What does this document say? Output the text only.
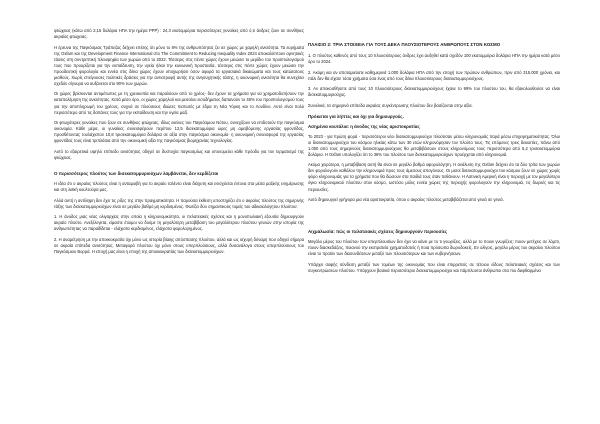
φτώχειας (κάτω από 2,15 δολάρια ΗΠΑ την ημέρα PPP) : 24,3 εκατομμύρια περισσότερες γυναίκες από ό,τι άνδρες ζουν σε συνθήκες ακραίας φτώχειας.

Η έρευνα της Παγκόσμιας Τράπεζας δείχνει επίσης ότι μόνο το 8% της ανθρωπότητας ζει σε χώρες με χαμηλή ανισότητα. Τα ευρήματα της Oxfam και της Development Finance International στο The Commitment to Reducing Inequality Index 2024 αποκαλύπτουν αρνητικές τάσεις στη συντριπτική πλειοψηφία των χωρών από το 2022. Τέσσερις στις πέντε χώρες έχουν μειώσει το μερίδιο του προϋπολογισμού τους που προορίζεται για την εκπαίδευση, την υγεία ή/και την κοινωνική προστασία, τέσσερις στις πέντε χώρες έχουν μειώσει την προοδευτική φορολογία και εννέα στις δέκα χώρες έχουν υποχωρήσει όσον αφορά τα εργασιακά δικαιώματα και τους κατώτατους μισθούς. Χωρίς επείγουσες πολιτικές δράσεις για την αντιστροφή αυτής της ανησυχητικής τάσης, η οικονομική ανισότητα θα συνεχίσει σχεδόν σίγουρα να αυξάνεται στο 90% των χωρών.

Οι χώρες βρίσκονται αντιμέτωπες με τη χρεοκοπία και παραλύουν από το χρέος- δεν έχουν τα χρήματα για να χρηματοδοτήσουν την καταπολέμηση της ανισότητας. Κατά μέσο όρο, οι χώρες χαμηλού και μεσαίου εισοδήματος δαπανούν το 48% του προϋπολογισμού τους για την αποπληρωμή του χρέους, συχνά σε πλούσιους ιδιώτες πιστωτές με έδρα τη Νέα Υόρκη και το Λονδίνο. Αυτό είναι πολύ περισσότερο από τις δαπάνες τους για την εκπαίδευση και την υγεία μαζί.

Οι φτωχότερες γυναίκες που ζουν σε συνθήκες φτώχειας, ιδίως εκείνες του Παγκόσμιου Νότου, συνεχίζουν να επιδοτούν την παγκόσμια οικονομία. Κάθε μέρα, οι γυναίκες συνεισφέρουν περίπου 12,5 δισεκατομμύρια ώρες μη αμειβόμενης εργασίας φροντίδας, προσθέτοντας τουλάχιστον 10,8 τρισεκατομμύρια δολάρια σε αξία στην παγκόσμια οικονομία- η οικονομική συνεισφορά της εργασίας φροντίδας τους είναι τριπλάσια από την οικονομική αξία της παγκόσμιας βιομηχανίας τεχνολογίας.

Αυτό το εξαιρετικά υψηλό επίπεδο ανισότητας οδηγεί σε δυστυχία παγκοσμίως και υπονομεύει κάθε πρόοδο για τον τερματισμό της φτώχειας.

Ο περισσότερος πλούτος των δισεκατομμυριούχων λαμβάνεται, δεν κερδίζεται

Η ιδέα ότι ο ακραίος πλούτος είναι η ανταμοιβή για το ακραίο ταλέντο είναι διάχυτη και ενισχύεται έντονα στα μέσα μαζικής ενημέρωσης και στη λαϊκή κουλτούρα μας.

Αλλά αυτή η αντίληψη δεν έχει τις ρίζες της στην πραγματικότητα. Η παρούσα έκθεση υποστηρίζει ότι ο ακραίος πλούτος της σημερινής τάξης των δισεκατομμυριούχων είναι σε μεγάλο βαθμό μη κερδισμένος. Φωτίζει δύο σημαντικούς τομείς του αδικαιολόγητου πλούτου:

1. Η άνοδος μιας νέας ολιγαρχίας στην οποία η κληρονομικότητα, οι πελατειακές σχέσεις και η μονοπωλιακή εξουσία δημιουργούν ακραίο πλούτο. Ανεξέλεγκτα, είμαστε έτοιμοι να δούμε τη μεγαλύτερη μεταβίβαση του μεγαλύτερου πλούτου γενεών στην ιστορία της ανθρωπότητας να παραδίδεται - ελάχιστα κερδισμένος, ελάχιστα φορολογημένος.

2. Η αναμέτρηση με την αποικιοκρατία όχι μόνο ως ιστορία βίαιης απόσπασης πλούτου, αλλά και ως ισχυρή δύναμη που οδηγεί σήμερα σε ακραία επίπεδα ανισότητας. Μεταφορά πλούτου όχι μόνο στους υπερπλούσιους, αλλά δυσανάλογα στους υπερπλούσιους του Παγκόσμιου Βορρά. Η εποχή μας είναι η εποχή της αποικιοκρατίας των δισεκατομμυριούχων.

ΠΛΑΙΣΙΟ 2: ΤΡΙΑ ΣΤΟΙΧΕΙΑ ΓΙΑ ΤΟΥΣ ΔΕΚΑ ΠΛΟΥΣΙΟΤΕΡΟΥΣ ΑΝΘΡΩΠΟΥΣ ΣΤΟΝ ΚΟΣΜΟ

1. Ο πλούτος καθενός από τους 10 πλουσιότερους άνδρες έχει αυξηθεί κατά σχεδόν 100 εκατομμύρια δολάρια ΗΠΑ την ημέρα κατά μέσο όρο το 2024.

2. Ακόμη και αν αποταμιεύατε καθημερινά 1.000 δολάρια ΗΠΑ από την εποχή των πρώτων ανθρώπων, πριν από 315.000 χρόνια, και πάλι δεν θα είχατε τόσα χρήματα όσα ένας από τους δέκα πλουσιότερους δισεκατομμυριούχους.

3. Αν αποκοσθήσετε από τους 10 πλουσιότερους δισεκατομμυριούχους έχανε το 99% του πλούτου του, θα εξακολουθούσε να είναι δισεκατομμυριούχος.

Συνολικά, τα σημερινά επίπεδα ακραίας συγκέντρωσης πλούτου δεν βασίζονται στην αξία.

Πρόκειται για λήπτες και όχι για δημιουργούς.
Ασημένια κουτάλια: η άνοδος της νέας αριστοκρατίας

Το 2023 - για πρώτη φορά - περισσότεροι νέοι δισεκατομμυριούχοι πλούτισαν μέσω κληρονομιάς παρά μέσω επιχειρηματικότητας. Όλοι οι δισεκατομμυριούχοι του κόσμου ηλικίας κάτω των 30 ετών κληρονόμησαν τον πλούτο τους. Τις επόμενες τρεις δεκαετίες, πάνω από 1.000 από τους σημερινούς δισεκατομμυριούχους θα μεταβιβάσουν στους κληρονόμους τους περισσότερα από 5,2 τρισεκατομμύρια δολάρια. Η Oxfam υπολογίζει ότι το 36% του πλούτου των δισεκατομμυριούχων προέρχεται από κληρονομιά.

Ακόμα χειρότερα, η μεταβίβαση αυτή θα είναι σε μεγάλο βαθμό αφορολόγητη. Η ανάλυση της Oxfam δείχνει ότι τα δύο τρίτα των χωρών δεν φορολογούν καθόλου την κληρονομιά προς τους άμεσους απογόνους. Οι μισοί δισεκατομμυριούχοι του κόσμου ζουν σε χώρες χωρίς φόρο κληρονομιάς για τα χρήματα που θα δώσουν στα παιδιά τους όταν πεθάνουν. Η Λατινική Αμερική είναι η περιοχή με τον μεγαλύτερο όγκο κληρονομικού πλούτου στον κόσμο, ωστόσο μόλις εννέα χώρες της περιοχής φορολογούν την κληρονομιά, τις δωρεές και τις περιουσίες.

Αυτό δημιουργεί γρήγορα μια νέα αριστοκρατία, όπου ο ακραίος πλούτος μεταβιβάζεται από γενιά σε γενιά.

Αιχμαλωσία: πώς οι πελατειακές σχέσεις δημιουργούν περιουσίες

Μεγάλο μέρος του πλούτου των υπερπλουσίων δεν έχει να κάνει με το τι γνωρίζεις, αλλά με το ποιον γνωρίζεις: ποιον μετέχεις σε λόμπι, ποιον διασκεδάζεις, ποιανού την εκστρατεία χρηματοδοτείς ή ποια πρόσωπα δωροδοκείς. Εν ολίγοις, μεγάλο μέρος του ακραίου πλούτου είναι το προϊόν των διασυνδέσεων μεταξύ των πλουσιότερων και των κυβερνήσεων.

Υπάρχει σαφής σύνδεση μεταξύ των τομέων της οικονομίας που είναι επιρρεπείς σε τέτοιου είδους πελατειακές σχέσεις και των συγκεντρώσεων πλούτου. Υπάρχουν βασικά περισσότεροι δισεκατομμυριούχοι και πάμπλουτοι άνθρωποι στα πιο διεφθαρμένα
